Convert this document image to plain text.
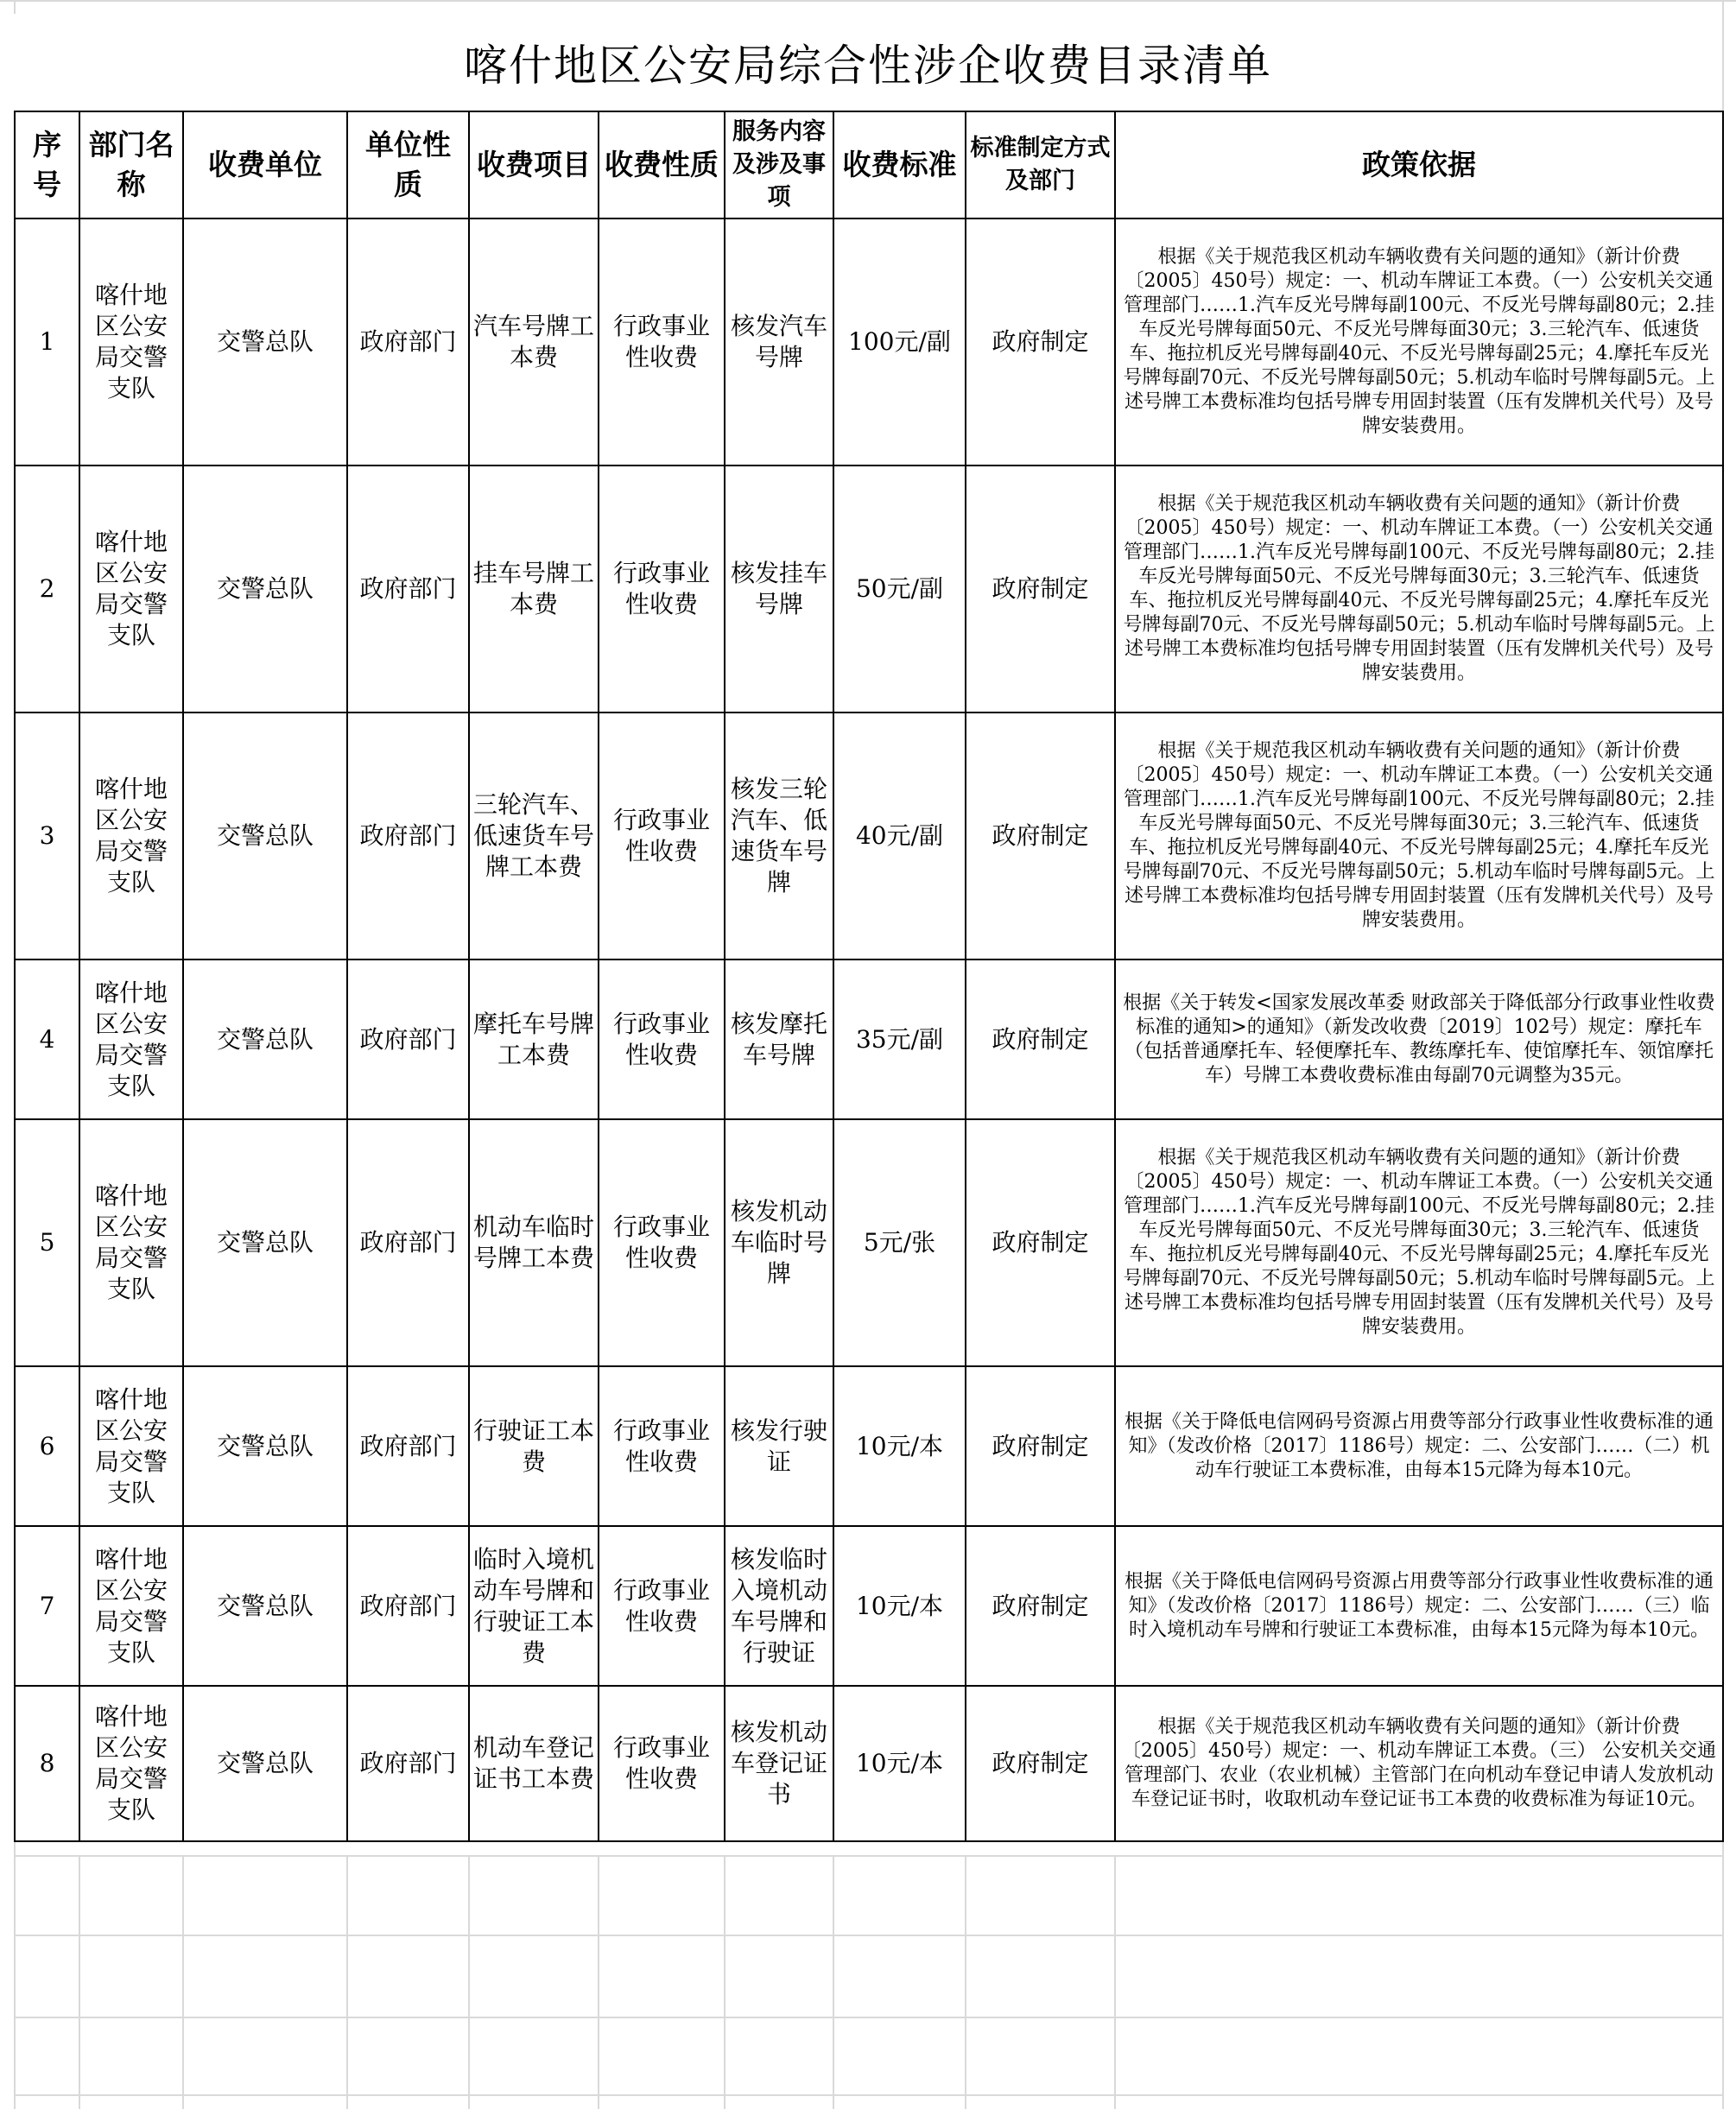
喀什地区公安局综合性涉企收费目录清单
序号	部门名称	收费单位	单位性质	收费项目	收费性质	服务内容及涉及事项	收费标准	标准制定方式及部门	政策依据
1	喀什地区公安局交警支队	交警总队	政府部门	汽车号牌工本费	行政事业性收费	核发汽车号牌	100元/副	政府制定	根据《关于规范我区机动车辆收费有关问题的通知》（新计价费〔2005〕450号）规定：一、机动车牌证工本费。（一）公安机关交通管理部门……1.汽车反光号牌每副100元、不反光号牌每副80元；2.挂车反光号牌每面50元、不反光号牌每面30元；3.三轮汽车、低速货车、拖拉机反光号牌每副40元、不反光号牌每副25元；4.摩托车反光号牌每副70元、不反光号牌每副50元；5.机动车临时号牌每副5元。上述号牌工本费标准均包括号牌专用固封装置（压有发牌机关代号）及号牌安装费用。
2	喀什地区公安局交警支队	交警总队	政府部门	挂车号牌工本费	行政事业性收费	核发挂车号牌	50元/副	政府制定	根据《关于规范我区机动车辆收费有关问题的通知》（新计价费〔2005〕450号）规定：一、机动车牌证工本费。（一）公安机关交通管理部门……1.汽车反光号牌每副100元、不反光号牌每副80元；2.挂车反光号牌每面50元、不反光号牌每面30元；3.三轮汽车、低速货车、拖拉机反光号牌每副40元、不反光号牌每副25元；4.摩托车反光号牌每副70元、不反光号牌每副50元；5.机动车临时号牌每副5元。上述号牌工本费标准均包括号牌专用固封装置（压有发牌机关代号）及号牌安装费用。
3	喀什地区公安局交警支队	交警总队	政府部门	三轮汽车、低速货车号牌工本费	行政事业性收费	核发三轮汽车、低速货车号牌	40元/副	政府制定	根据《关于规范我区机动车辆收费有关问题的通知》（新计价费〔2005〕450号）规定：一、机动车牌证工本费。（一）公安机关交通管理部门……1.汽车反光号牌每副100元、不反光号牌每副80元；2.挂车反光号牌每面50元、不反光号牌每面30元；3.三轮汽车、低速货车、拖拉机反光号牌每副40元、不反光号牌每副25元；4.摩托车反光号牌每副70元、不反光号牌每副50元；5.机动车临时号牌每副5元。上述号牌工本费标准均包括号牌专用固封装置（压有发牌机关代号）及号牌安装费用。
4	喀什地区公安局交警支队	交警总队	政府部门	摩托车号牌工本费	行政事业性收费	核发摩托车号牌	35元/副	政府制定	根据《关于转发<国家发展改革委 财政部关于降低部分行政事业性收费标准的通知>的通知》（新发改收费〔2019〕102号）规定：摩托车（包括普通摩托车、轻便摩托车、教练摩托车、使馆摩托车、领馆摩托车）号牌工本费收费标准由每副70元调整为35元。
5	喀什地区公安局交警支队	交警总队	政府部门	机动车临时号牌工本费	行政事业性收费	核发机动车临时号牌	5元/张	政府制定	根据《关于规范我区机动车辆收费有关问题的通知》（新计价费〔2005〕450号）规定：一、机动车牌证工本费。（一）公安机关交通管理部门……1.汽车反光号牌每副100元、不反光号牌每副80元；2.挂车反光号牌每面50元、不反光号牌每面30元；3.三轮汽车、低速货车、拖拉机反光号牌每副40元、不反光号牌每副25元；4.摩托车反光号牌每副70元、不反光号牌每副50元；5.机动车临时号牌每副5元。上述号牌工本费标准均包括号牌专用固封装置（压有发牌机关代号）及号牌安装费用。
6	喀什地区公安局交警支队	交警总队	政府部门	行驶证工本费	行政事业性收费	核发行驶证	10元/本	政府制定	根据《关于降低电信网码号资源占用费等部分行政事业性收费标准的通知》（发改价格〔2017〕1186号）规定：二、公安部门……（二）机动车行驶证工本费标准，由每本15元降为每本10元。
7	喀什地区公安局交警支队	交警总队	政府部门	临时入境机动车号牌和行驶证工本费	行政事业性收费	核发临时入境机动车号牌和行驶证	10元/本	政府制定	根据《关于降低电信网码号资源占用费等部分行政事业性收费标准的通知》（发改价格〔2017〕1186号）规定：二、公安部门……（三）临时入境机动车号牌和行驶证工本费标准，由每本15元降为每本10元。
8	喀什地区公安局交警支队	交警总队	政府部门	机动车登记证书工本费	行政事业性收费	核发机动车登记证书	10元/本	政府制定	根据《关于规范我区机动车辆收费有关问题的通知》（新计价费〔2005〕450号）规定：一、机动车牌证工本费。（三） 公安机关交通管理部门、农业（农业机械）主管部门在向机动车登记申请人发放机动车登记证书时，收取机动车登记证书工本费的收费标准为每证10元。
